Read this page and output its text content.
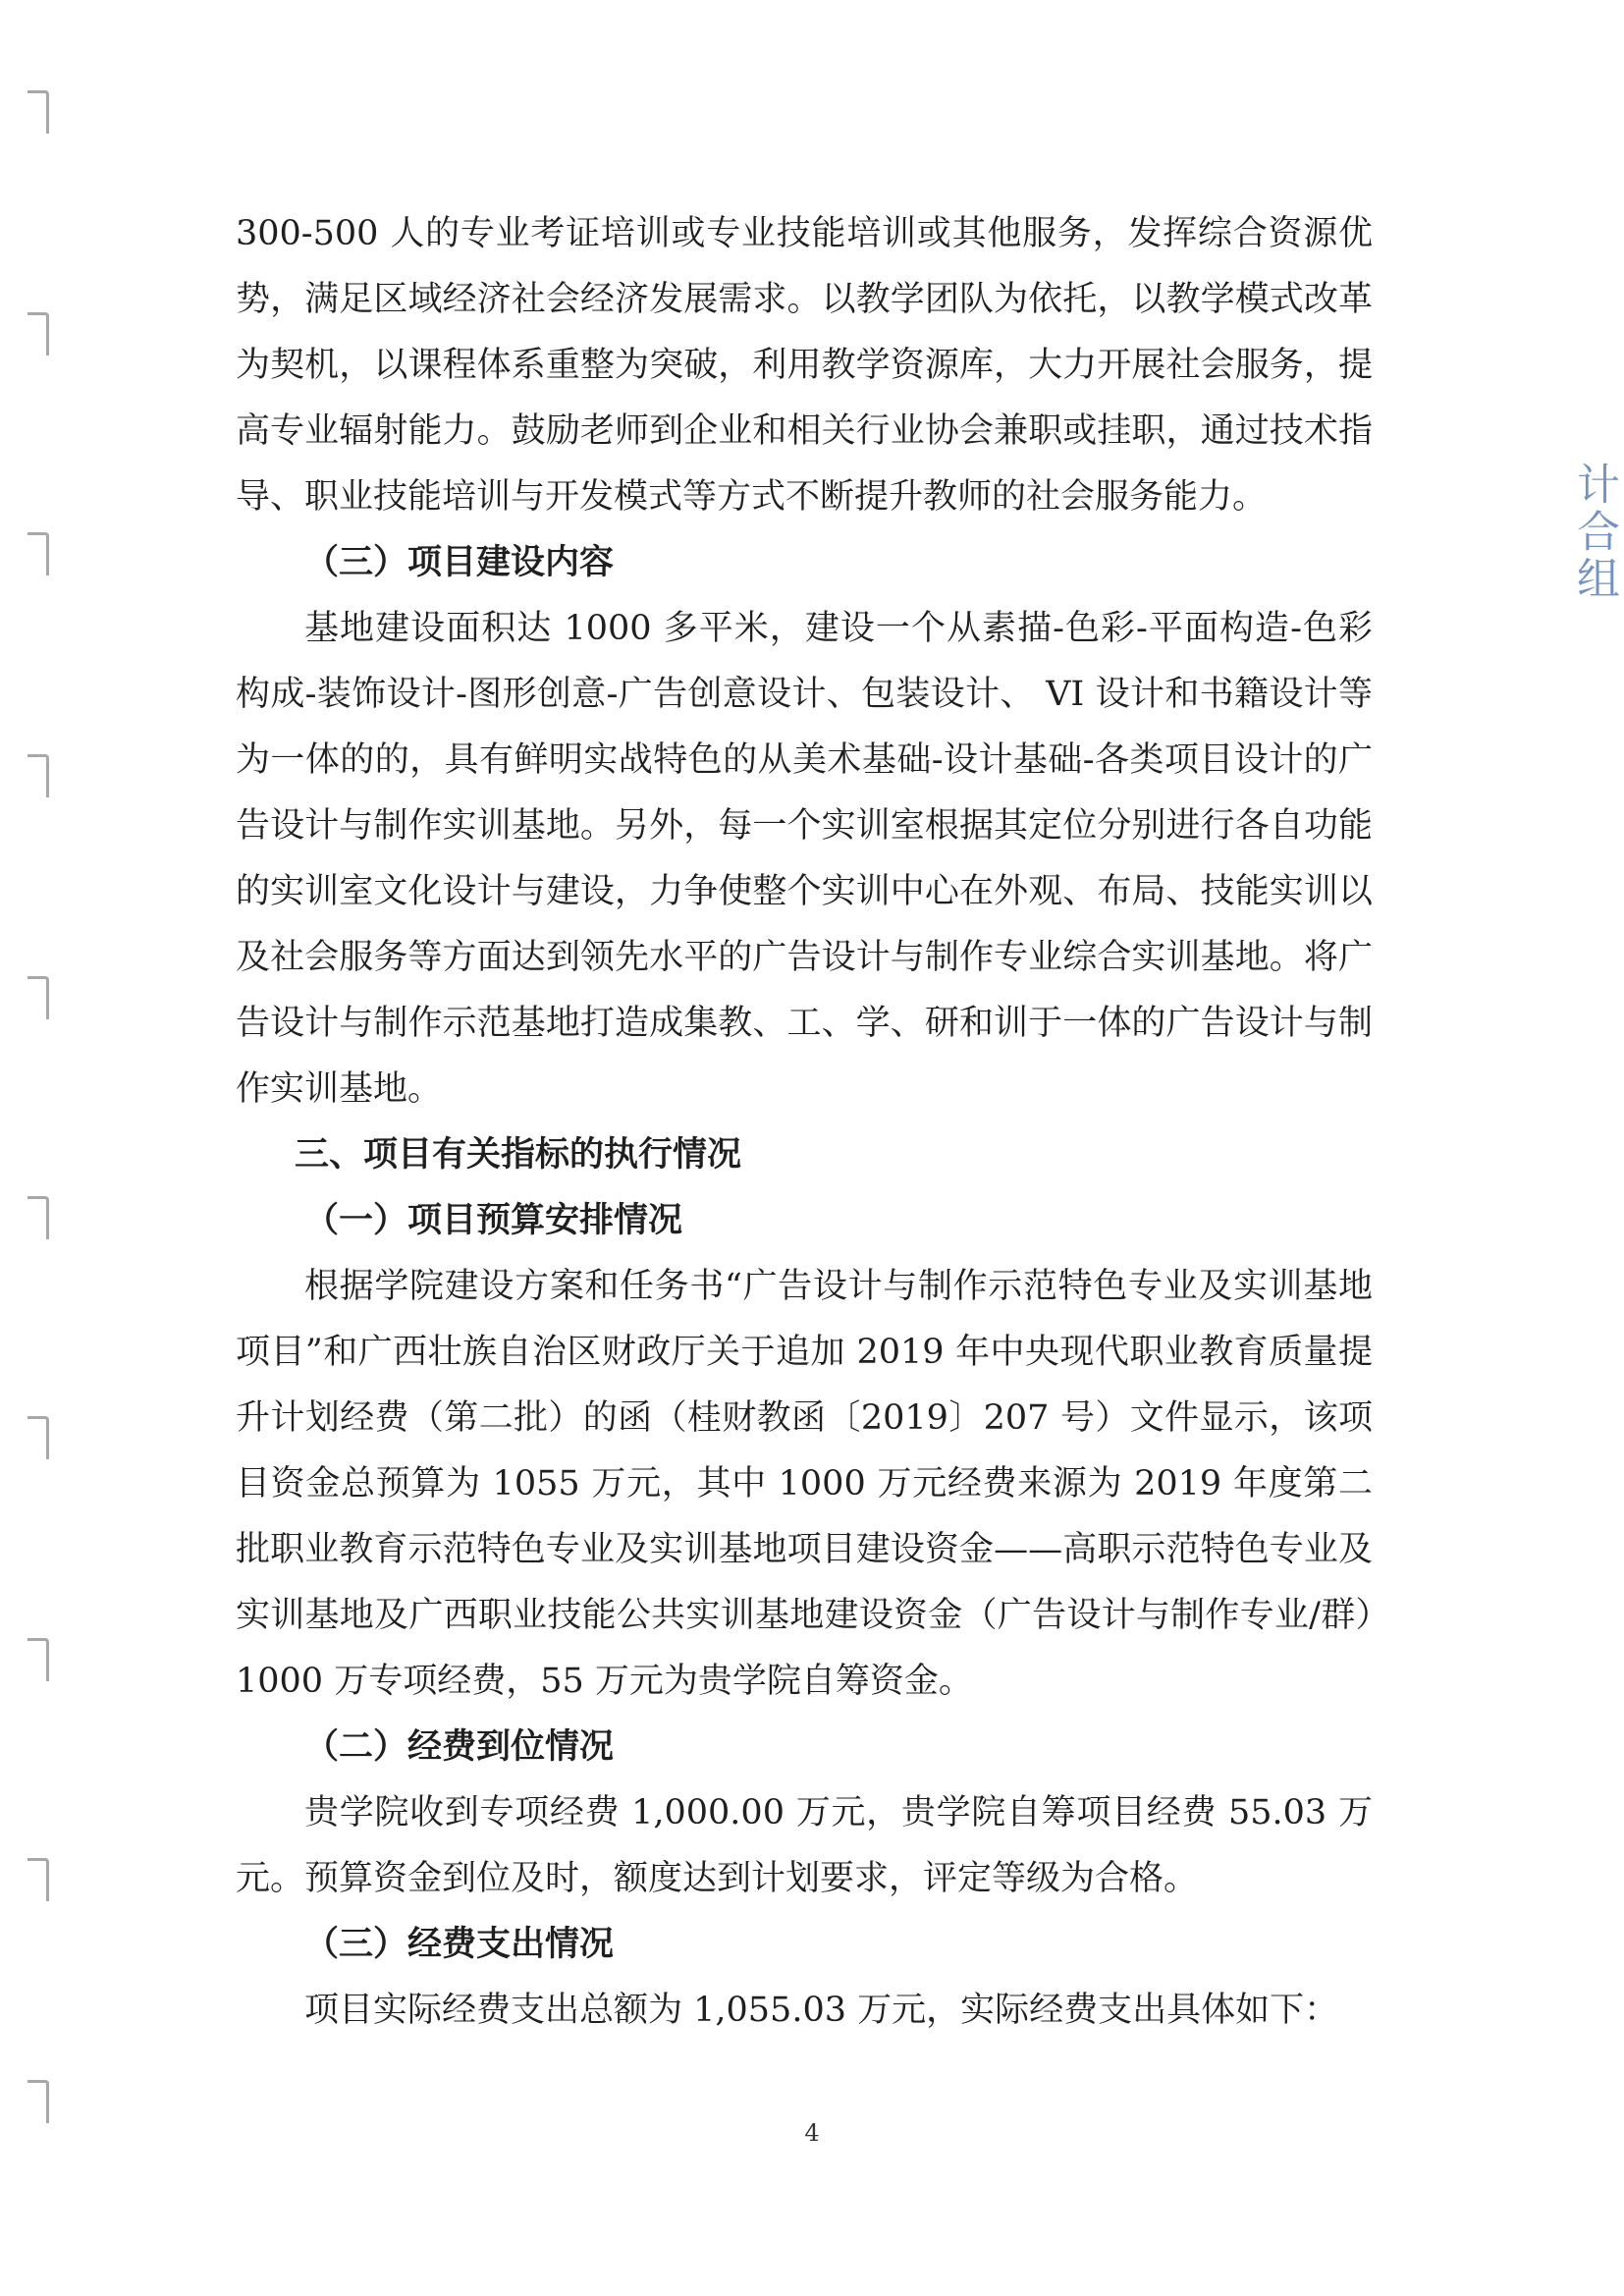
计合组

300-500 人的专业考证培训或专业技能培训或其他服务，发挥综合资源优势，满足区域经济社会经济发展需求。以教学团队为依托，以教学模式改革为契机，以课程体系重整为突破，利用教学资源库，大力开展社会服务，提高专业辐射能力。鼓励老师到企业和相关行业协会兼职或挂职，通过技术指导、职业技能培训与开发模式等方式不断提升教师的社会服务能力。

（三）项目建设内容

基地建设面积达 1000 多平米，建设一个从素描-色彩-平面构造-色彩构成-装饰设计-图形创意-广告创意设计、包装设计、 VI 设计和书籍设计等为一体的的，具有鲜明实战特色的从美术基础-设计基础-各类项目设计的广告设计与制作实训基地。另外，每一个实训室根据其定位分别进行各自功能的实训室文化设计与建设，力争使整个实训中心在外观、布局、技能实训以及社会服务等方面达到领先水平的广告设计与制作专业综合实训基地。将广告设计与制作示范基地打造成集教、工、学、研和训于一体的广告设计与制作实训基地。

三、项目有关指标的执行情况

（一）项目预算安排情况

根据学院建设方案和任务书“广告设计与制作示范特色专业及实训基地项目”和广西壮族自治区财政厅关于追加 2019 年中央现代职业教育质量提升计划经费（第二批）的函（桂财教函〔2019〕207 号）文件显示，该项目资金总预算为 1055 万元，其中 1000 万元经费来源为 2019 年度第二批职业教育示范特色专业及实训基地项目建设资金——高职示范特色专业及实训基地及广西职业技能公共实训基地建设资金（广告设计与制作专业/群）1000 万专项经费，55 万元为贵学院自筹资金。

（二）经费到位情况

贵学院收到专项经费 1,000.00 万元，贵学院自筹项目经费 55.03 万元。预算资金到位及时，额度达到计划要求，评定等级为合格。

（三）经费支出情况

项目实际经费支出总额为 1,055.03 万元，实际经费支出具体如下：

4
